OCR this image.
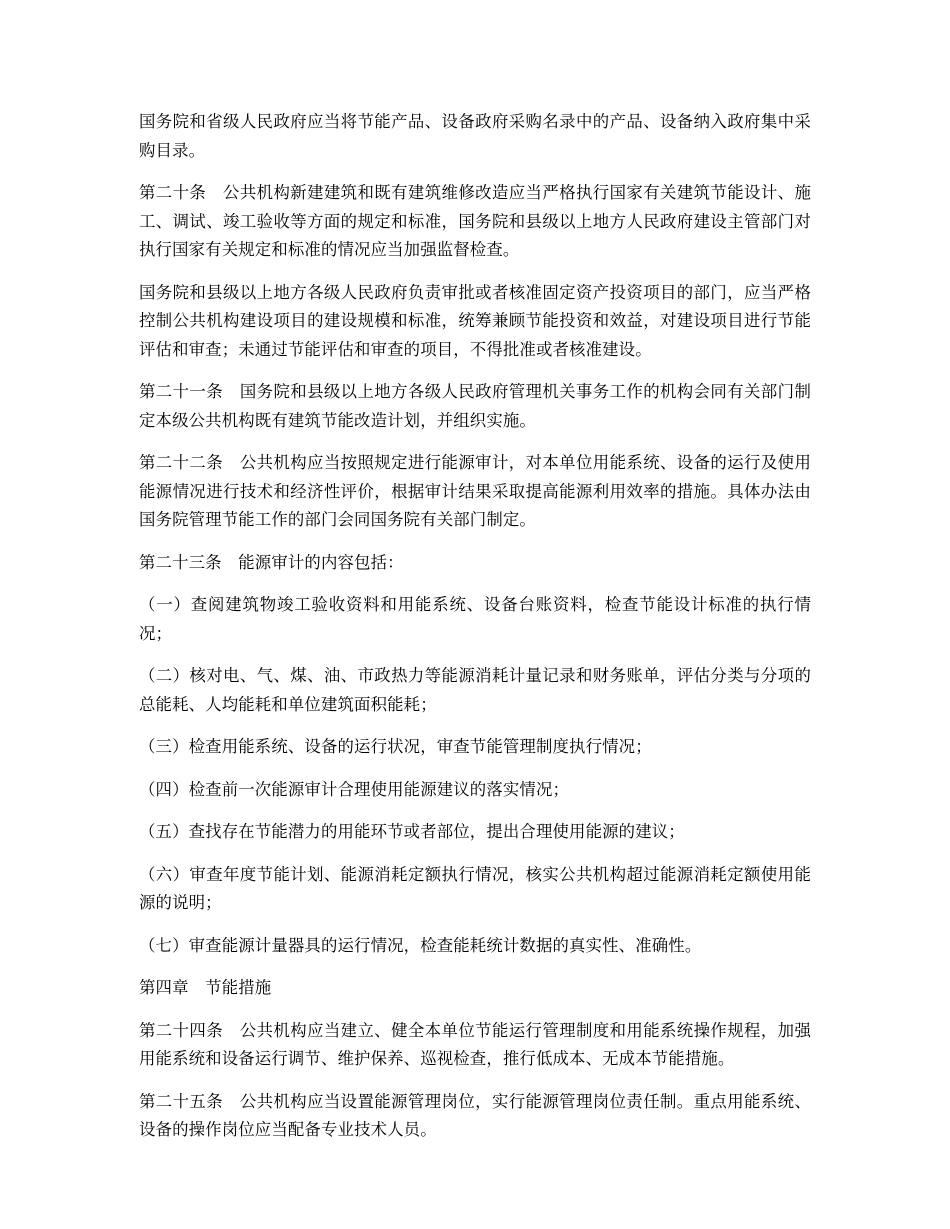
国务院和省级人民政府应当将节能产品、设备政府采购名录中的产品、设备纳入政府集中采购目录。

第二十条　公共机构新建建筑和既有建筑维修改造应当严格执行国家有关建筑节能设计、施工、调试、竣工验收等方面的规定和标准，国务院和县级以上地方人民政府建设主管部门对执行国家有关规定和标准的情况应当加强监督检查。

国务院和县级以上地方各级人民政府负责审批或者核准固定资产投资项目的部门，应当严格控制公共机构建设项目的建设规模和标准，统筹兼顾节能投资和效益，对建设项目进行节能评估和审查；未通过节能评估和审查的项目，不得批准或者核准建设。

第二十一条　国务院和县级以上地方各级人民政府管理机关事务工作的机构会同有关部门制定本级公共机构既有建筑节能改造计划，并组织实施。

第二十二条　公共机构应当按照规定进行能源审计，对本单位用能系统、设备的运行及使用能源情况进行技术和经济性评价，根据审计结果采取提高能源利用效率的措施。具体办法由国务院管理节能工作的部门会同国务院有关部门制定。

第二十三条　能源审计的内容包括：

（一）查阅建筑物竣工验收资料和用能系统、设备台账资料，检查节能设计标准的执行情况；

（二）核对电、气、煤、油、市政热力等能源消耗计量记录和财务账单，评估分类与分项的总能耗、人均能耗和单位建筑面积能耗；

（三）检查用能系统、设备的运行状况，审查节能管理制度执行情况；

（四）检查前一次能源审计合理使用能源建议的落实情况；

（五）查找存在节能潜力的用能环节或者部位，提出合理使用能源的建议；

（六）审查年度节能计划、能源消耗定额执行情况，核实公共机构超过能源消耗定额使用能源的说明；

（七）审查能源计量器具的运行情况，检查能耗统计数据的真实性、准确性。

第四章　节能措施

第二十四条　公共机构应当建立、健全本单位节能运行管理制度和用能系统操作规程，加强用能系统和设备运行调节、维护保养、巡视检查，推行低成本、无成本节能措施。

第二十五条　公共机构应当设置能源管理岗位，实行能源管理岗位责任制。重点用能系统、设备的操作岗位应当配备专业技术人员。
